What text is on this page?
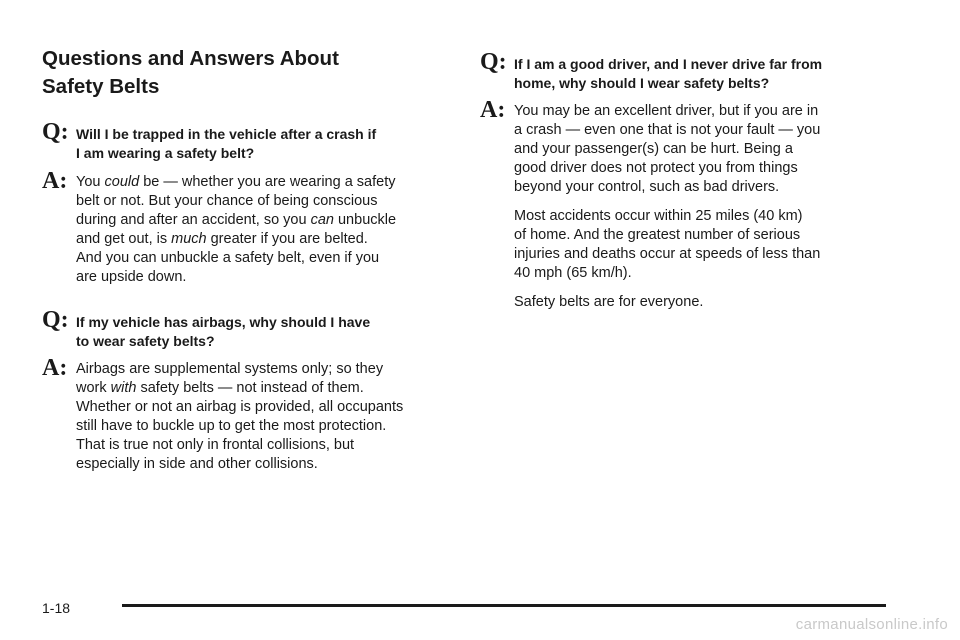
Questions and Answers About
Safety Belts
Q: Will I be trapped in the vehicle after a crash if
I am wearing a safety belt?
A: You could be — whether you are wearing a safety
belt or not. But your chance of being conscious
during and after an accident, so you can unbuckle
and get out, is much greater if you are belted.
And you can unbuckle a safety belt, even if you
are upside down.
Q: If my vehicle has airbags, why should I have
to wear safety belts?
A: Airbags are supplemental systems only; so they
work with safety belts — not instead of them.
Whether or not an airbag is provided, all occupants
still have to buckle up to get the most protection.
That is true not only in frontal collisions, but
especially in side and other collisions.
Q: If I am a good driver, and I never drive far from
home, why should I wear safety belts?
A: You may be an excellent driver, but if you are in
a crash — even one that is not your fault — you
and your passenger(s) can be hurt. Being a
good driver does not protect you from things
beyond your control, such as bad drivers.

Most accidents occur within 25 miles (40 km)
of home. And the greatest number of serious
injuries and deaths occur at speeds of less than
40 mph (65 km/h).

Safety belts are for everyone.

1-18
carmanualsonline.info
